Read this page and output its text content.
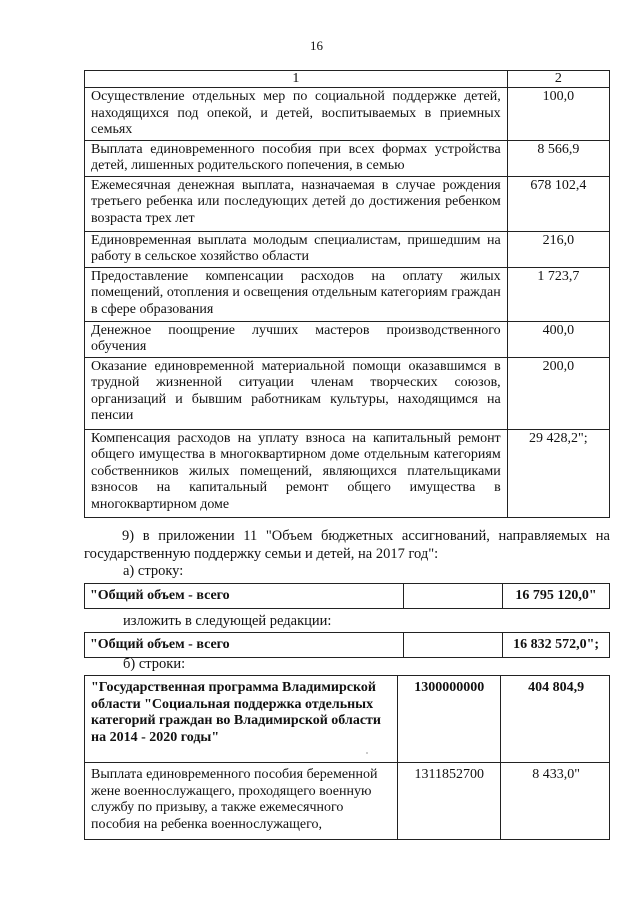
16
1	2
Осуществление отдельных мер по социальной поддержке детей, находящихся под опекой, и детей, воспитываемых в приемных семьях	100,0
Выплата единовременного пособия при всех формах устройства детей, лишенных родительского попечения, в семью	8 566,9
Ежемесячная денежная выплата, назначаемая в случае рождения третьего ребенка или последующих детей до достижения ребенком возраста трех лет	678 102,4
Единовременная выплата молодым специалистам, пришедшим на работу в сельское хозяйство области	216,0
Предоставление компенсации расходов на оплату жилых помещений, отопления и освещения отдельным категориям граждан в сфере образования	1 723,7
Денежное поощрение лучших мастеров производственного обучения	400,0
Оказание единовременной материальной помощи оказавшимся в трудной жизненной ситуации членам творческих союзов, организаций и бывшим работникам культуры, находящимся на пенсии	200,0
Компенсация расходов на уплату взноса на капитальный ремонт общего имущества в многоквартирном доме отдельным категориям собственников жилых помещений, являющихся плательщиками взносов на капитальный ремонт общего имущества в многоквартирном доме	29 428,2";
9) в приложении 11 "Объем бюджетных ассигнований, направляемых на государственную поддержку семьи и детей, на 2017 год":
а) строку:
"Общий объем - всего		16 795 120,0"
изложить в следующей редакции:
"Общий объем - всего		16 832 572,0";
б) строки:
"Государственная программа Владимирской области "Социальная поддержка отдельных категорий граждан во Владимирской области на 2014 - 2020 годы"	1300000000	404 804,9
Выплата единовременного пособия беременной жене военнослужащего, проходящего военную службу по призыву, а также ежемесячного пособия на ребенка военнослужащего,	1311852700	8 433,0"
